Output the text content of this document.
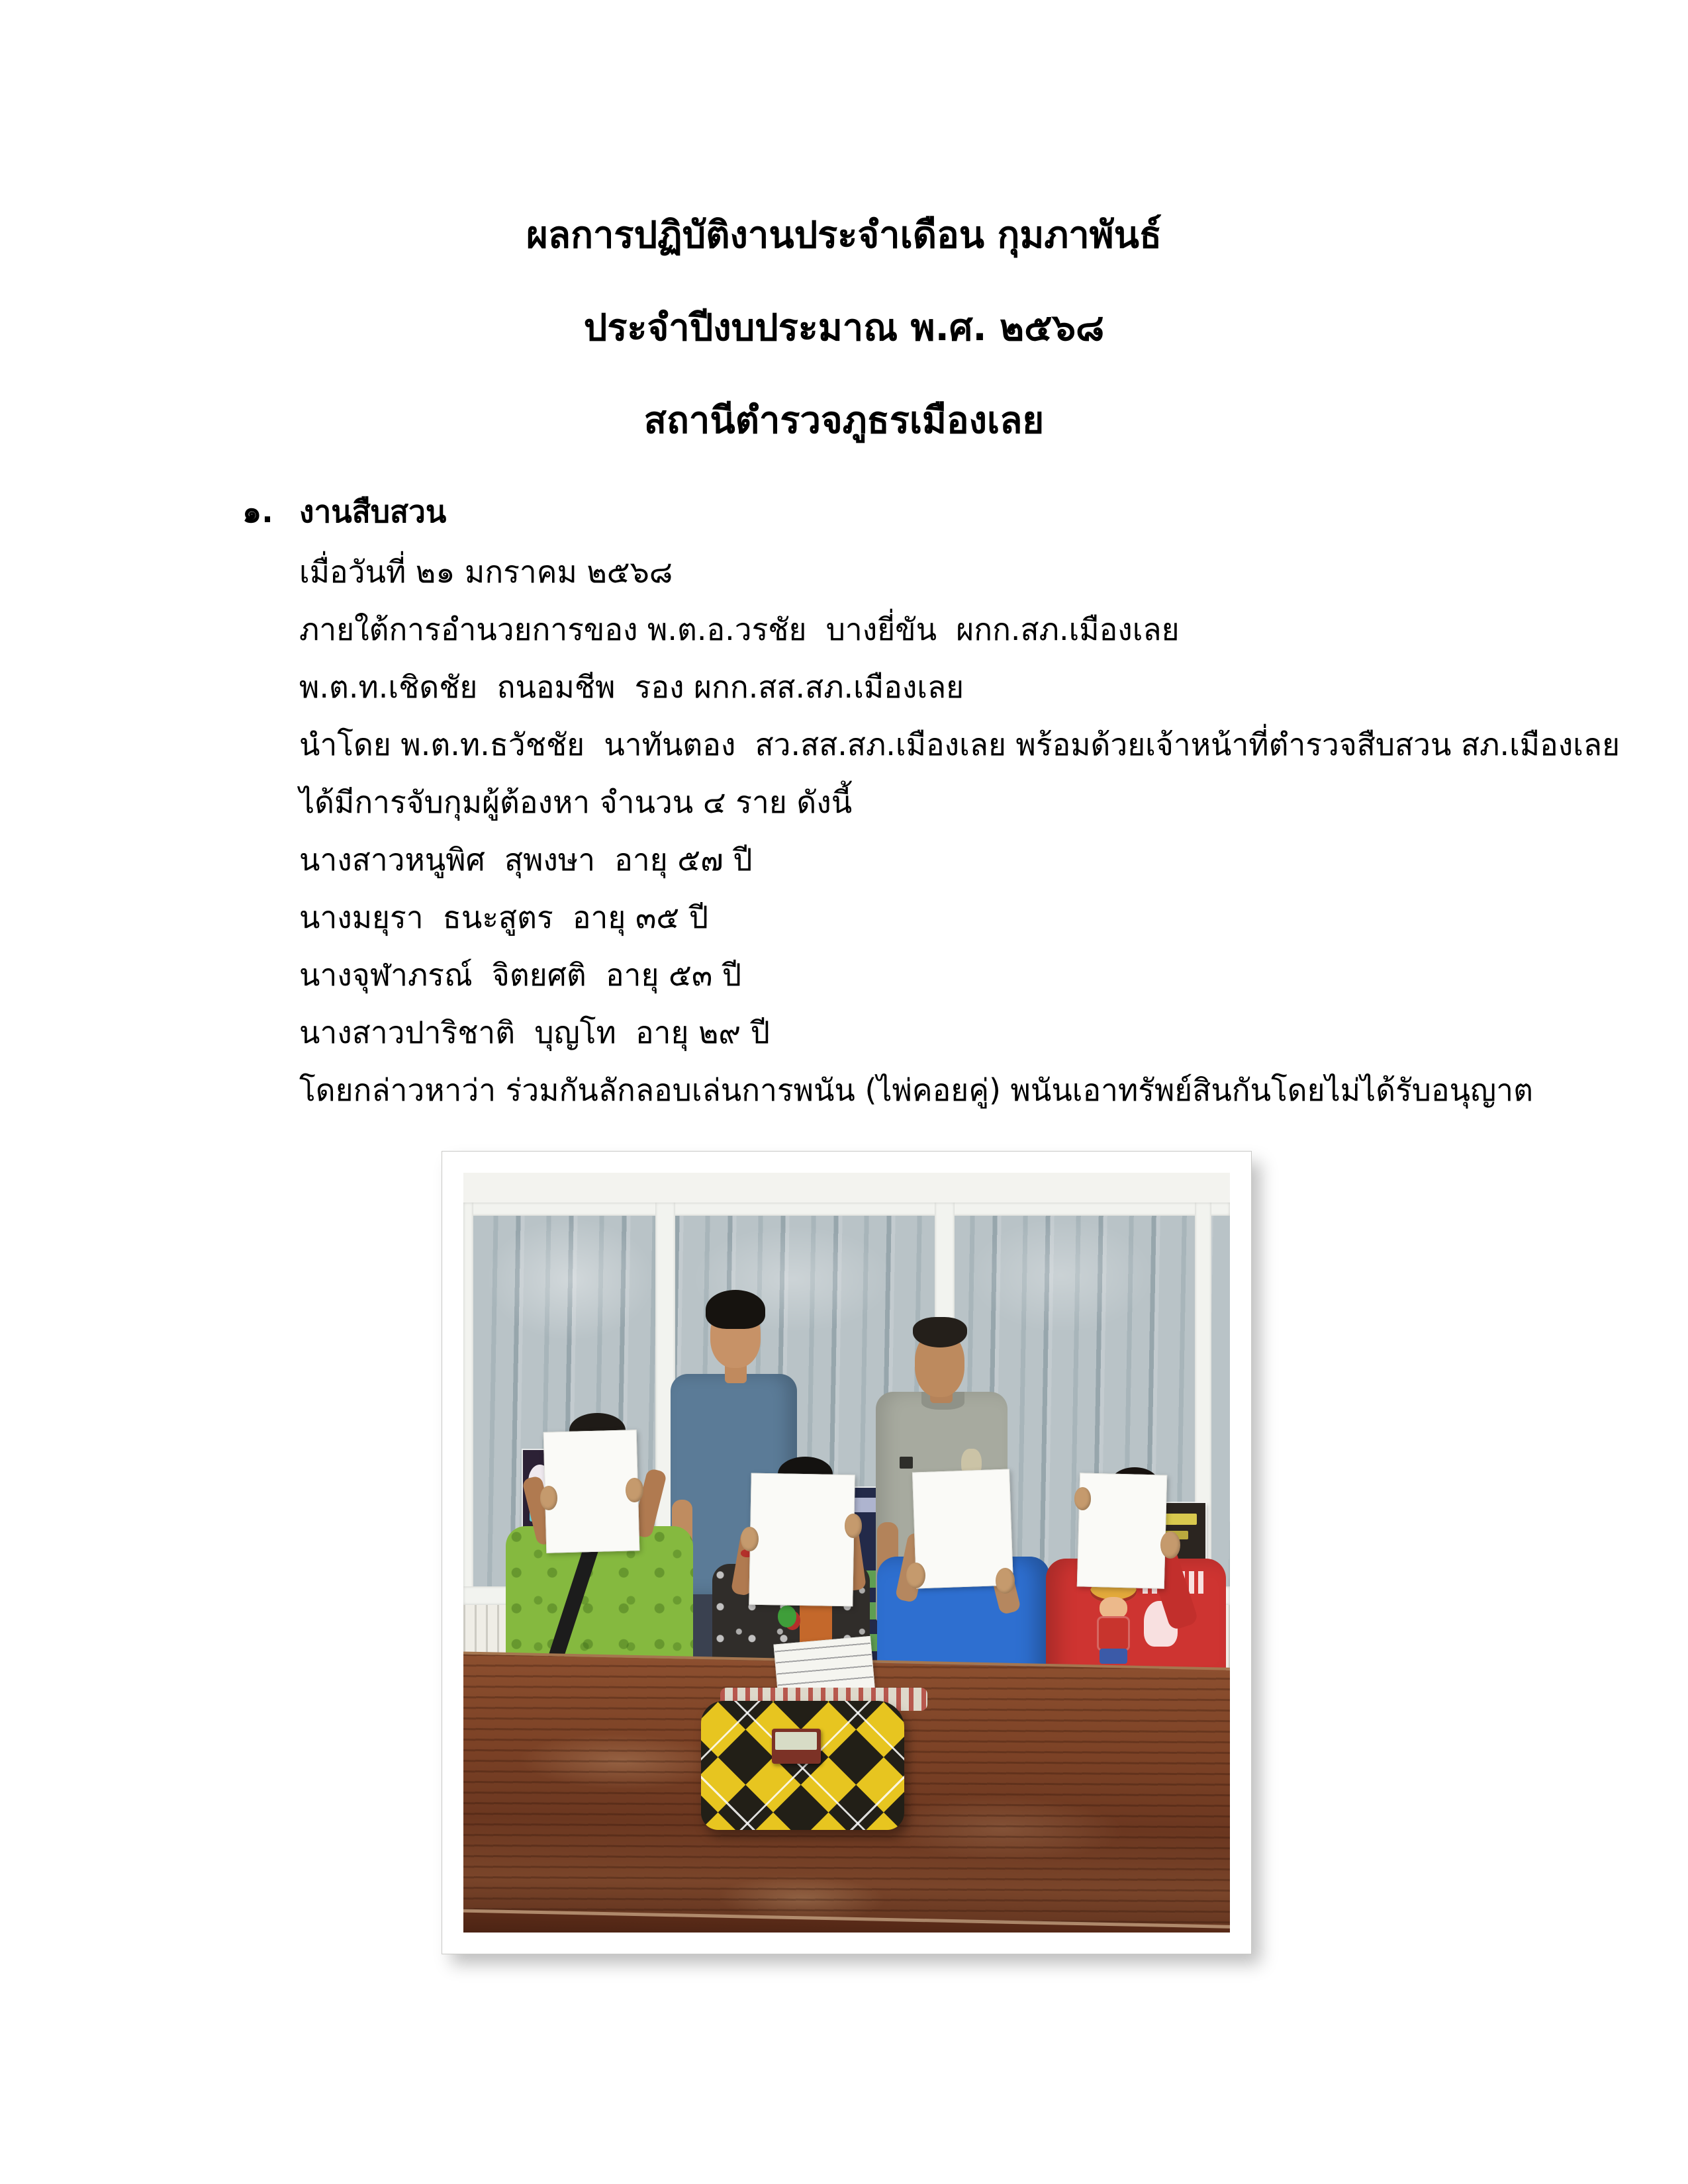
ผลการปฏิบัติงานประจำเดือน กุมภาพันธ์
ประจำปีงบประมาณ พ.ศ. ๒๕๖๘
สถานีตำรวจภูธรเมืองเลย
๑. งานสืบสวน
เมื่อวันที่ ๒๑ มกราคม ๒๕๖๘
ภายใต้การอำนวยการของ พ.ต.อ.วรชัย  บางยี่ขัน  ผกก.สภ.เมืองเลย
พ.ต.ท.เชิดชัย  ถนอมชีพ  รอง ผกก.สส.สภ.เมืองเลย
นำโดย พ.ต.ท.ธวัชชัย  นาทันตอง  สว.สส.สภ.เมืองเลย พร้อมด้วยเจ้าหน้าที่ตำรวจสืบสวน สภ.เมืองเลย
ได้มีการจับกุมผู้ต้องหา จำนวน ๔ ราย ดังนี้
นางสาวหนูพิศ  สุพงษา  อายุ ๕๗ ปี
นางมยุรา  ธนะสูตร  อายุ ๓๕ ปี
นางจุฬาภรณ์  จิตยศติ  อายุ ๕๓ ปี
นางสาวปาริชาติ  บุญโท  อายุ ๒๙ ปี
โดยกล่าวหาว่า ร่วมกันลักลอบเล่นการพนัน (ไพ่คอยคู่) พนันเอาทรัพย์สินกันโดยไม่ได้รับอนุญาต
